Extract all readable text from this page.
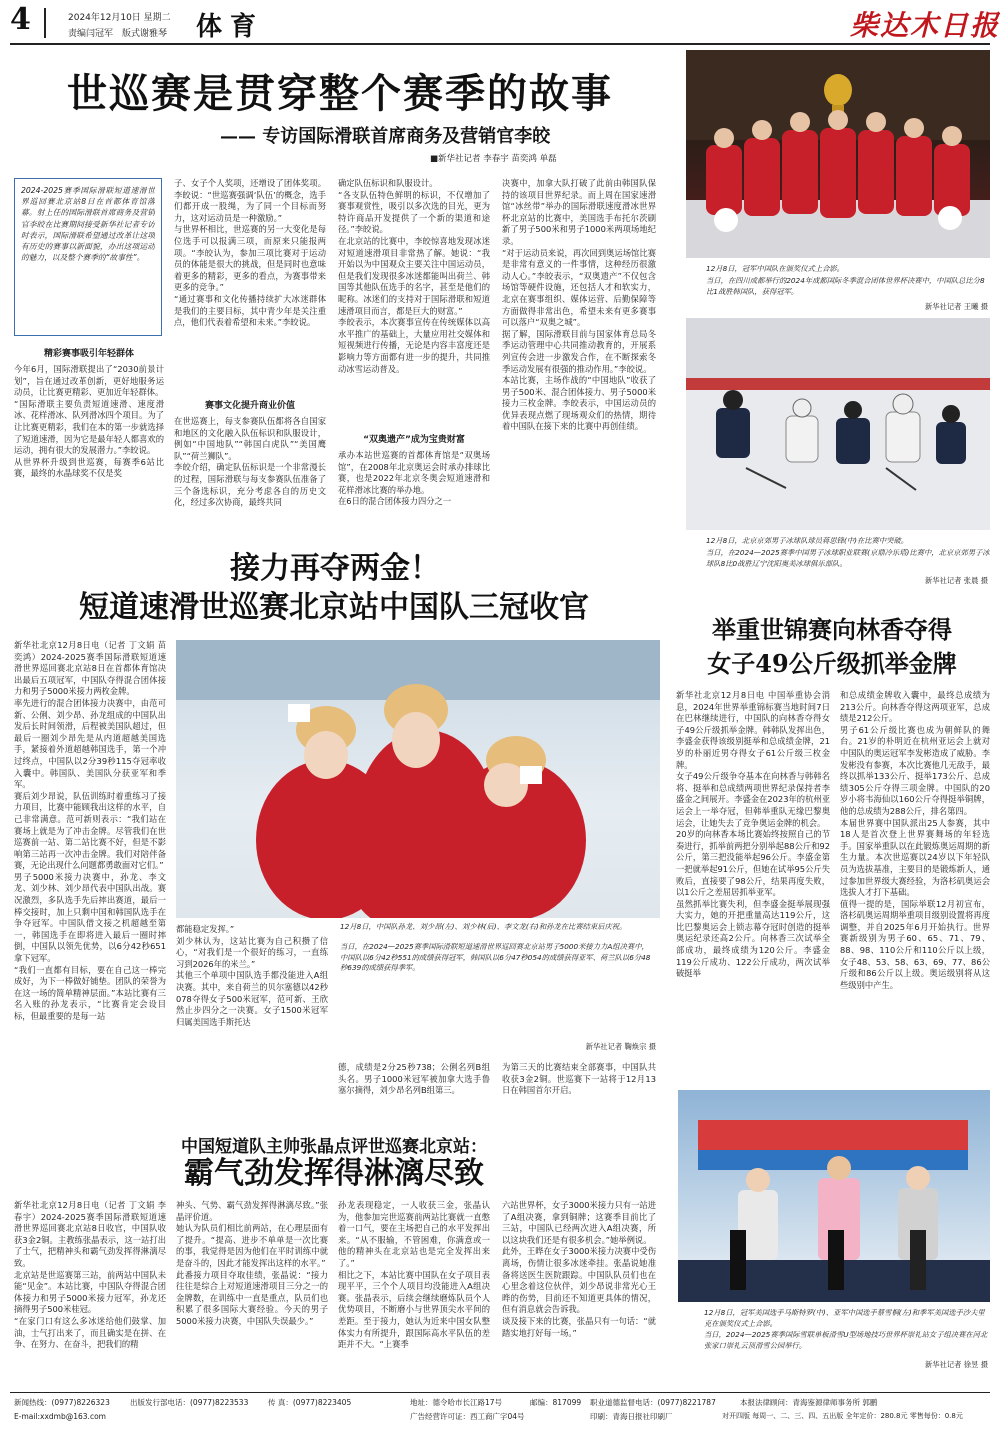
4	2024年12月10日 星期二
责编闫冠军 版式谢雅琴 体育	柴达木日报
世巡赛是贯穿整个赛季的故事
—— 专访国际滑联首席商务及营销官李皎
■新华社记者 李春宇 苗奕鸿 单磊
2024-2025赛季国际滑联短道速滑世界巡回赛北京站8日在首都体育馆落幕。射上任的国际滑联首席商务及营销官李皎在比赛期间接受新华社记者专访时表示，国际滑联希望通过改革让这项有历史的赛事以新面貌，办出这项运动的魅力，以及整个赛季的“故事性”。
精彩赛事吸引年轻群体
今年6月，国际滑联提出了“2030前景计划”，旨在通过改革创新，更好地服务运动员，让比赛更精彩、更加近年轻群体。
“国际滑联主要负责短道速滑、速度滑冰、花样滑冰、队列滑冰四个项目。为了让比赛更精彩，我们在本的第一步就选择了短道速滑，因为它是最年轻人都喜欢的运动，拥有很大的发展潜力。”李皎说。
从世界杯升级到世巡赛，每赛季6站比赛，最终的水晶球奖不仅是奖
子、女子个人奖项，还增设了团体奖项。李皎说：“世巡赛强调‘队伍’的概念，选手们都开成一股绳，为了同一个目标而努力，这对运动员是一种激励。”
与世界杯相比，世巡赛的另一大变化是每位选手可以报满三项，而原来只能报两项。“李皎认为，参加三项比赛对于运动员的体能是很大的挑战，但是同时也意味着更多的精彩，更多的看点，为赛事带来更多的竞争。”
“通过赛事和文化传播持续扩大冰迷群体是我们的主要目标，其中青少年是关注重点，他们代表着希望和未来。”李皎说。
赛事文化提升商业价值
在世巡赛上，每支参赛队伍都将各自国家和地区的文化融入队伍标识和队服设计，例如“中国地队”“韩国白虎队”“美国鹰队”“荷兰狮队”。
李皎介绍，确定队伍标识是一个非常漫长的过程，国际滑联与每支参赛队伍准备了三个备选标识，充分考虑各自的历史文化，经过多次协商，最终共同
确定队伍标识和队服设计。
“各支队伍特色鲜明的标识，不仅增加了赛事观赏性，吸引以多次选的目光，更为特许商品开发提供了一个新的渠道和途径。”李皎说。
在北京站的比赛中，李皎惊喜地发现冰迷对短道速滑项目非常热了解。她说：“我开始以为中国观众主要关注中国运动员，但是我们发现很多冰迷都能叫出荷兰、韩国等其他队伍选手的名字，甚至是他们的昵称。冰迷们的支持对于国际滑联和短道速滑项目而言，都是巨大的财富。”
李皎表示，本次赛事宣传在传统媒体以高水平推广的基础上，大量应用社交媒体和短视频进行传播，无论是内容丰富度还是影响力等方面都有进一步的提升，共同推动冰雪运动普及。
“双奥遗产”成为宝贵财富
承办本站世巡赛的首都体育馆是“双奥场馆”，在2008年北京奥运会时承办排球比赛，也是2022年北京冬奥会短道速滑和花样滑冰比赛的举办地。
在6日的混合团体接力四分之一
决赛中，加拿大队打破了此前由韩国队保持的该项目世界纪录。而上周在国家速滑馆“冰丝带”举办的国际滑联速度滑冰世界杯北京站的比赛中，美国选手布托尔茨刷新了男子500米和男子1000米两项场地纪录。
“对于运动员来说，再次回到奥运场馆比赛是非常有意义的一件事情，这种经历很激动人心。”李皎表示，“双奥遗产”不仅包含场馆等硬件设施，还包括人才和软实力，北京在赛事组织、媒体运营、后勤保障等方面做得非常出色，希望未来有更多赛事可以落户“双奥之城”。
据了解，国际滑联目前与国家体育总局冬季运动管理中心共同推动教育的，开展系列宣传会进一步激发合作，在不断探索冬季运动发展有很强的推动作用。”李皎说。
本站比赛，主场作战的“中国地队”收获了男子500米、混合团体接力、男子5000米接力三枚金牌。李皎表示，中国运动员的优异表现点燃了现场观众们的热情，期待着中国队在接下来的比赛中再创佳绩。
12月8日，冠军中国队在颁奖仪式上合影。
当日，在四川成都举行的2024年成都国际冬季混合团体世界杯决赛中，中国队总比分8比1战胜韩国队，获得冠军。
新华社记者 王曦 摄
12月8日，北京京郊男子冰球队球员蒋思锋(中)在比赛中突破。
当日，在2024—2025赛季中国男子冰球职业联赛(京鼎冷乐塔)比赛中，北京京郊男子冰球队8比0战胜辽宁沈阳奥美冰球俱乐部队。
新华社记者 张晨 摄
接力再夺两金！
短道速滑世巡赛北京站中国队三冠收官
新华社北京12月8日电（记者 丁文娟 苗奕鸿）2024-2025赛季国际滑联短道速滑世界巡回赛北京站8日在首都体育馆决出最后五项冠军，中国队夺得混合团体接力和男子5000米接力两枚金牌。
率先进行的混合团体接力决赛中，由范可新、公俐、刘少昂、孙龙组成的中国队出发后长时间领滑，后程被美国队超过，但最后一圈刘少昂先是从内道超越美国选手，紧接着外道超越韩国选手，第一个冲过终点，中国队以2分39秒115夺冠率收入囊中。韩国队、美国队分获亚军和季军。
赛后刘少昂说，队伍训练时着重练习了接力项目，比赛中能顾我出这样的水平，自己非常满意。范可新则表示：“我们站在赛场上就是为了冲击金牌。尽管我们在世巡赛前一站、第二站比赛不好，但是不影响第三站再一次冲击金牌。我们对陪伴备赛，无论出现什么问题都勇敢面对它们。”
男子5000米接力决赛中，孙龙、李文龙、刘少林、刘少昂代表中国队出战。赛况激烈，多队选手先后摔出赛道，最后一棒交接时，加上只剩中国和韩国队选手在争夺冠军。中国队借文接之机超越至第一，韩国选手在即将进入最后一圈时摔倒，中国队以领先优势，以6分42秒651拿下冠军。
“我们一直都有目标，要在自己这一棒完成好，为下一棒做好铺垫。团队的荣誉为在这一场的简单精神层面。”本站比赛有三名入账的孙龙表示，“比赛肯定会设目标，但最重要的是每一站
都能稳定发挥。”
刘少林认为，这站比赛为自己积攒了信心，“对我们是一个很好的练习，一直练习到2026年的米兰。”
其他三个单项中国队选手都没能进入A组决赛。其中，来自荷兰的贝尔塞德以42秒078夺得女子500米冠军，范可新、王欣然止步四分之一决赛。女子1500米冠军归属美国选手斯托达
德，成绩是2分25秒738；公俐名列B组头名。男子1000米冠军被加拿大选手鲁塞尔摘得，刘少昂名列B组第三。
为第三天的比赛结束全部赛事，中国队共收获3金2铜。世巡赛下一站将于12月13日在韩国首尔开启。
12月8日，中国队孙龙、刘少昂(左)、刘少林(后)、李文龙(右)和孙龙在比赛结束后庆祝。
当日，在2024—2025赛季国际滑联短道速滑世界巡回赛北京站男子5000米接力力A组决赛中，中国队以6分42秒551的成绩获得冠军，韩国队以6分47秒054的成绩获得亚军、荷兰队以6分48秒639的成绩获得季军。
新华社记者 鞠焕宗 摄
举重世锦赛向林香夺得
女子49公斤级抓举金牌
新华社北京12月8日电 中国举重协会消息，2024年世界举重锦标赛当地时间7日在巴林继续进行，中国队的向林香夺得女子49公斤级抓举金牌。韩韩队发挥出色，李盛金获得该级别挺举和总成绩金牌，21岁的朴丽近男夺得女子61公斤级三枚金牌。
女子49公斤级争夺基本在向林香与韩韩名将、挺举和总成绩两项世界纪录保持者李盛金之间展开。李盛金在2023年的杭州亚运会上一举夺冠，但韩举重队无缘巴黎奥运会，让她失去了竞争奥运金牌的机会。
20岁的向林香本场比赛始终按照自己的节奏进行，抓举前两把分别举起88公斤和92公斤，第三把没能举起96公斤。李盛金第一把就举起91公斤，但她在试举95公斤失败后，直接要了98公斤，结果再度失败，以1公斤之差屈居抓举亚军。
虽然抓举比赛失利，但李盛金挺举展现强大实力，她的开把重量高达119公斤，这比巴黎奥运会上锁志幕夺冠时创造的挺举奥运纪录还高2公斤。向林香三次试举全部成功，最终成绩为120公斤。李盛金119公斤成功、122公斤成功，两次试举破挺举
和总成绩金牌收入囊中，最终总成绩为213公斤。向林香夺得这两项亚军，总成绩是212公斤。
男子61公斤级比赛也成为朝鲜队的舞台。21岁的朴明近在杭州亚运会上就对中国队的奥运冠军李发彬造成了威胁。李发彬没有参赛，本次比赛他几无敌手，最终以抓举133公斤、挺举173公斤、总成绩305公斤夺得三项金牌。中国队的20岁小将韦海仙以160公斤夺得挺举铜牌，他的总成绩为288公斤，排名第四。
本届世界赛中国队派出25人参赛，其中18人是首次登上世界赛舞场的年轻选手。国家举重队以在此锻炼奥运周期的新生力量。本次世巡赛以24岁以下年轻队员为选拔基准，主要目的是锻炼新人，通过参加世界级大赛经验，为洛杉矶奥运会选拔人才打下基础。
值得一提的是，国际举联12月初宣布，洛杉矶奥运周期举重项目级别设置将再度调整，并自2025年6月开始执行。世界赛新级别为男子60、65、71、79、88、98、110公斤和110公斤以上级，女子48、53、58、63、69、77、86公斤级和86公斤以上级。奥运级别将从这些级别中产生。
12月8日，冠军美国选手马斯特罗(中)、亚军中国选手蔡雪桐(左)和季军美国选手沙夫里克在颁奖仪式上合影。
当日，2024—2025赛季国际雪联单板滑雪U型场地技巧世界杯崇礼站女子组决赛在河北张家口崇礼云顶滑雪公园举行。
新华社记者 徐昱 摄
中国短道队主帅张晶点评世巡赛北京站：
霸气劲发挥得淋漓尽致
新华社北京12月8日电（记者 丁文娟 李春宇）2024-2025赛季国际滑联短道速滑世界巡回赛北京站8日收官，中国队收获3金2铜。主教练张晶表示，这一站打出了士气，把精神头和霸气劲发挥得淋漓尽致。
北京站是世巡赛第三站，前两站中国队未能“见金”。本站比赛，中国队夺得混合团体接力和男子5000米接力冠军，孙龙还摘得男子500米桂冠。
“在家门口有这么多冰迷给他们鼓掌、加油，士气打出来了，而且确实是在拼、在争、在努力、在奋斗，把我们的精
神头、气势、霸气劲发挥得淋漓尽致。”张晶评价道。
她认为队员们相比前两站，在心理层面有了提升。“提高、进步不单单是一次比赛的事，我觉得是因为他们在平时训练中就是奋斗的，因此才能发挥出这样的水平。”
此番接力项目夺取佳绩，张晶说：“接力往往是综合上对短道速滑项目三分之一的金牌数，在训练中一直是重点，队员们也积累了很多国际大赛经验。今天的男子5000米接力决赛，中国队失误最少。”
孙龙表现稳定，一人收获三金，张晶认为，他参加完世巡赛前两站比赛就一直憋着一口气，要在主场把自己的水平发挥出来。“从不服输，不管困难，你满意或一他的精神头在北京站也是完全发挥出来了。”
相比之下，本站比赛中国队在女子项目表现平平，三个个人项目均没能进入A组决赛。张晶表示，后续会继续磨炼队员个人优势项目，不断磨小与世界顶尖水平间的差距。至于接力，她认为近来中国女队整体实力有所提升，跟国际高水平队伍的差距并不大。“上赛季
六站世界杯，女子3000米接力只有一站进了A组决赛，拿到铜牌；这赛季目前比了三站，中国队已经两次进入A组决赛，所以这块我们还是有很多机会。”她举例说。
此外，王晔在女子3000米接力决赛中受伤离场，伤情让很多冰迷牵挂。张晶说她准备将送医生医院跟踪。中国队队员们也在心里念着这位伙伴，刘少昂说非常光心王晔的伤势，目前还不知道更具体的情况，但有消息就会告诉我。
谈及接下来的比赛，张晶只有一句话：“就踏实地打好每一场。”
新闻热线：(0977)8226323
E-mail:xxdmb@163.com
出版发行部电话：(0977)8223533	传 真：(0977)8223405	地址：德令哈市长江路17号
广告经营许可证：西工商广字04号
邮编：817099 职业道德监督电话：(0977)8221787
印刷：青海日报社印刷厂
本报法律顾问：青海鉴源律师事务所 郭鹏
对开四版 每周一、二、三、四、五出版 全年定价：280.8元 零售每份：0.8元
